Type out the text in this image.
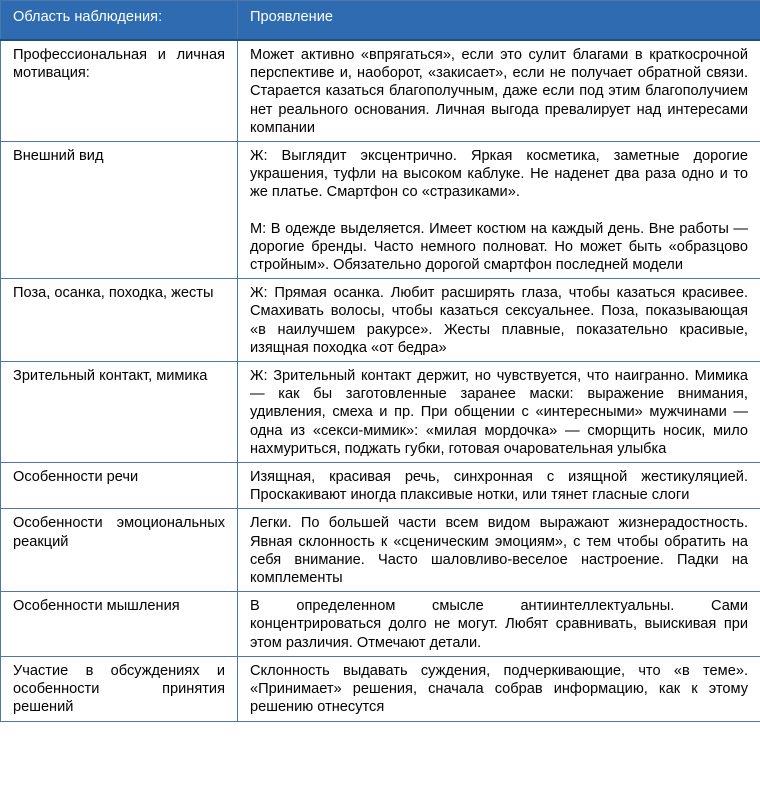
Область наблюдения:	Проявление
Профессиональная и личная мотивация:	Может активно «впрягаться», если это сулит благами в краткосрочной перспективе и, наоборот, «закисает», если не получает обратной связи. Старается казаться благополучным, даже если под этим благополучием нет реального основания. Личная выгода превалирует над интересами компании

Внешний вид	Ж: Выглядит эксцентрично. Яркая косметика, заметные дорогие украшения, туфли на высоком каблуке. Не наденет два раза одно и то же платье. Смартфон со «стразиками».

М: В одежде выделяется. Имеет костюм на каждый день. Вне работы — дорогие бренды. Часто немного полноват. Но может быть «образцово стройным». Обязательно дорогой смартфон последней модели

Поза, осанка, походка, жесты	Ж: Прямая осанка. Любит расширять глаза, чтобы казаться красивее. Смахивать волосы, чтобы казаться сексуальнее. Поза, показывающая «в наилучшем ракурсе». Жесты плавные, показательно красивые, изящная походка «от бедра»

Зрительный контакт, мимика	Ж: Зрительный контакт держит, но чувствуется, что наигранно. Мимика — как бы заготовленные заранее маски: выражение внимания, удивления, смеха и пр. При общении с «интересными» мужчинами — одна из «секси-мимик»: «милая мордочка» — сморщить носик, мило нахмуриться, поджать губки, готовая очаровательная улыбка

Особенности речи	Изящная, красивая речь, синхронная с изящной жестикуляцией. Проскакивают иногда плаксивые нотки, или тянет гласные слоги

Особенности эмоциональных реакций	Легки. По большей части всем видом выражают жизнерадостность. Явная склонность к «сценическим эмоциям», с тем чтобы обратить на себя внимание. Часто шаловливо-веселое настроение. Падки на комплементы

Особенности мышления	В определенном смысле антиинтеллектуальны. Сами концентрироваться долго не могут. Любят сравнивать, выискивая при этом различия. Отмечают детали.

Участие в обсуждениях и особенности принятия решений	Склонность выдавать суждения, подчеркивающие, что «в теме». «Принимает» решения, сначала собрав информацию, как к этому решению отнесутся
